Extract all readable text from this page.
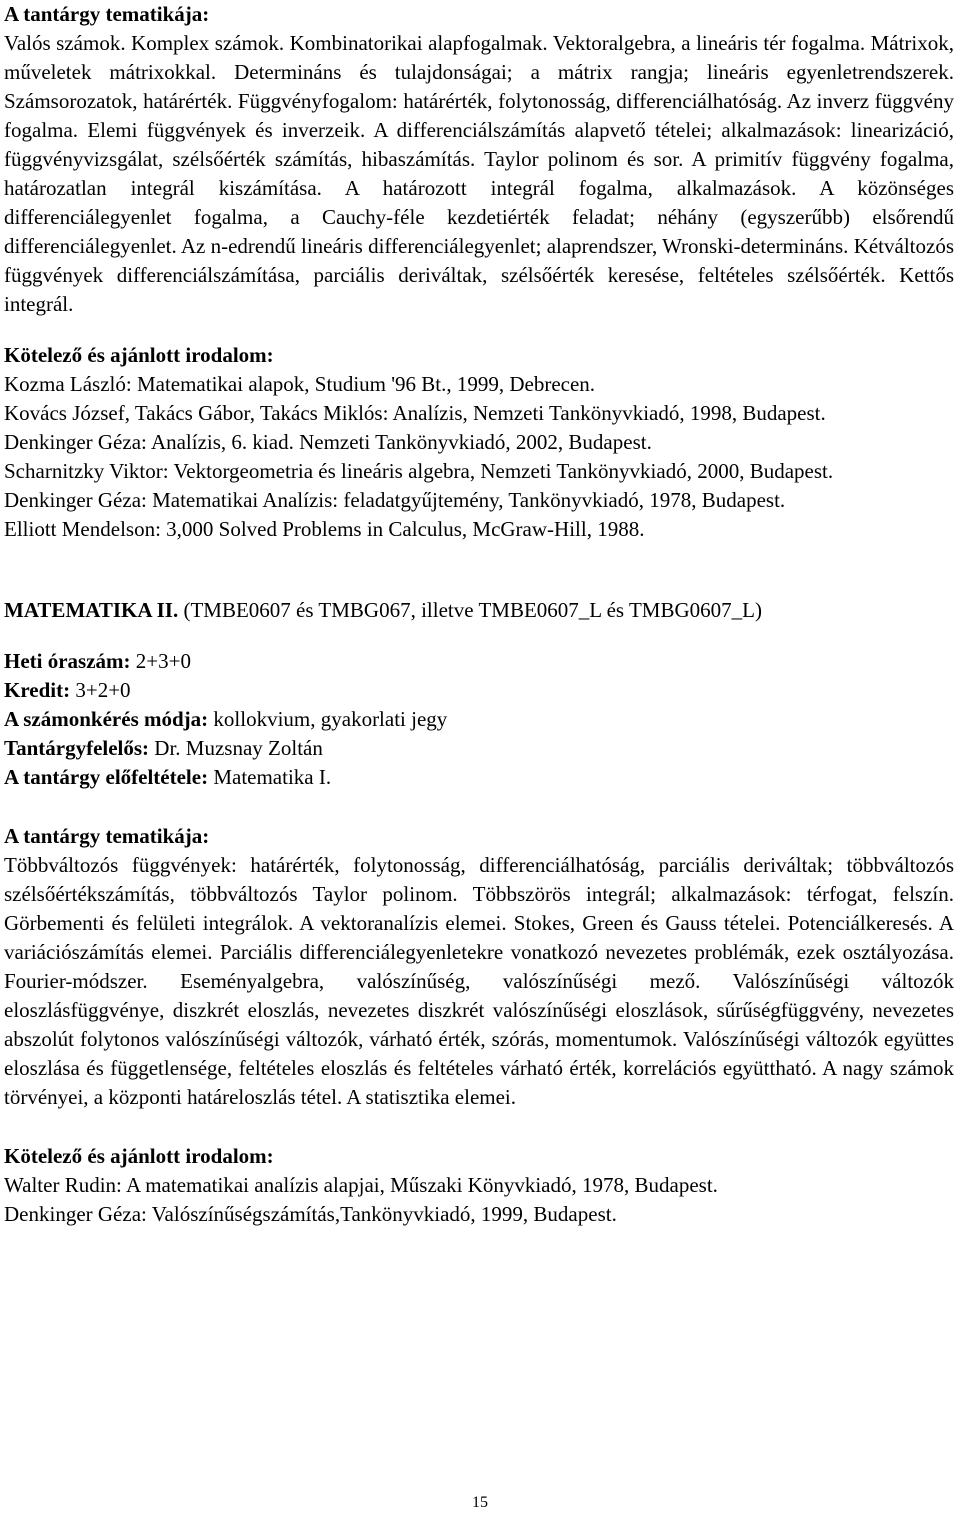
A tantárgy tematikája:

Valós számok. Komplex számok. Kombinatorikai alapfogalmak. Vektoralgebra, a lineáris tér fogalma. Mátrixok, műveletek mátrixokkal. Determináns és tulajdonságai; a mátrix rangja; lineáris egyenletrendszerek. Számsorozatok, határérték. Függvényfogalom: határérték, folytonosság, differenciálhatóság. Az inverz függvény fogalma. Elemi függvények és inverzeik. A differenciálszámítás alapvető tételei; alkalmazások: linearizáció, függvényvizsgálat, szélsőérték számítás, hibaszámítás. Taylor polinom és sor. A primitív függvény fogalma, határozatlan integrál kiszámítása. A határozott integrál fogalma, alkalmazások. A közönséges differenciálegyenlet fogalma, a Cauchy-féle kezdetiérték feladat; néhány (egyszerűbb) elsőrendű differenciálegyenlet. Az n-edrendű lineáris differenciálegyenlet; alaprendszer, Wronski-determináns. Kétváltozós függvények differenciálszámítása, parciális deriváltak, szélsőérték keresése, feltételes szélsőérték. Kettős integrál.

Kötelező és ajánlott irodalom:

Kozma László: Matematikai alapok, Studium '96 Bt., 1999, Debrecen.

Kovács József, Takács Gábor, Takács Miklós: Analízis, Nemzeti Tankönyvkiadó, 1998, Budapest.

Denkinger Géza: Analízis, 6. kiad. Nemzeti Tankönyvkiadó, 2002, Budapest.

Scharnitzky Viktor: Vektorgeometria és lineáris algebra, Nemzeti Tankönyvkiadó, 2000, Budapest.

Denkinger Géza: Matematikai Analízis: feladatgyűjtemény, Tankönyvkiadó, 1978, Budapest.

Elliott Mendelson: 3,000 Solved Problems in Calculus, McGraw-Hill, 1988.

MATEMATIKA II. (TMBE0607 és TMBG067, illetve TMBE0607_L és TMBG0607_L)

Heti óraszám: 2+3+0

Kredit: 3+2+0

A számonkérés módja: kollokvium, gyakorlati jegy

Tantárgyfelelős: Dr. Muzsnay Zoltán

A tantárgy előfeltétele: Matematika I.

A tantárgy tematikája:

Többváltozós függvények: határérték, folytonosság, differenciálhatóság, parciális deriváltak; többváltozós szélsőértékszámítás, többváltozós Taylor polinom. Többszörös integrál; alkalmazások: térfogat, felszín. Görbementi és felületi integrálok. A vektoranalízis elemei. Stokes, Green és Gauss tételei. Potenciálkeresés. A variációszámítás elemei. Parciális differenciálegyenletekre vonatkozó nevezetes problémák, ezek osztályozása. Fourier-módszer. Eseményalgebra, valószínűség, valószínűségi mező. Valószínűségi változók eloszlásfüggvénye, diszkrét eloszlás, nevezetes diszkrét valószínűségi eloszlások, sűrűségfüggvény, nevezetes abszolút folytonos valószínűségi változók, várható érték, szórás, momentumok. Valószínűségi változók együttes eloszlása és függetlensége, feltételes eloszlás és feltételes várható érték, korrelációs együttható. A nagy számok törvényei, a központi határeloszlás tétel. A statisztika elemei.

Kötelező és ajánlott irodalom:

Walter Rudin: A matematikai analízis alapjai, Műszaki Könyvkiadó, 1978, Budapest.

Denkinger Géza: Valószínűségszámítás,Tankönyvkiadó, 1999, Budapest.

15
